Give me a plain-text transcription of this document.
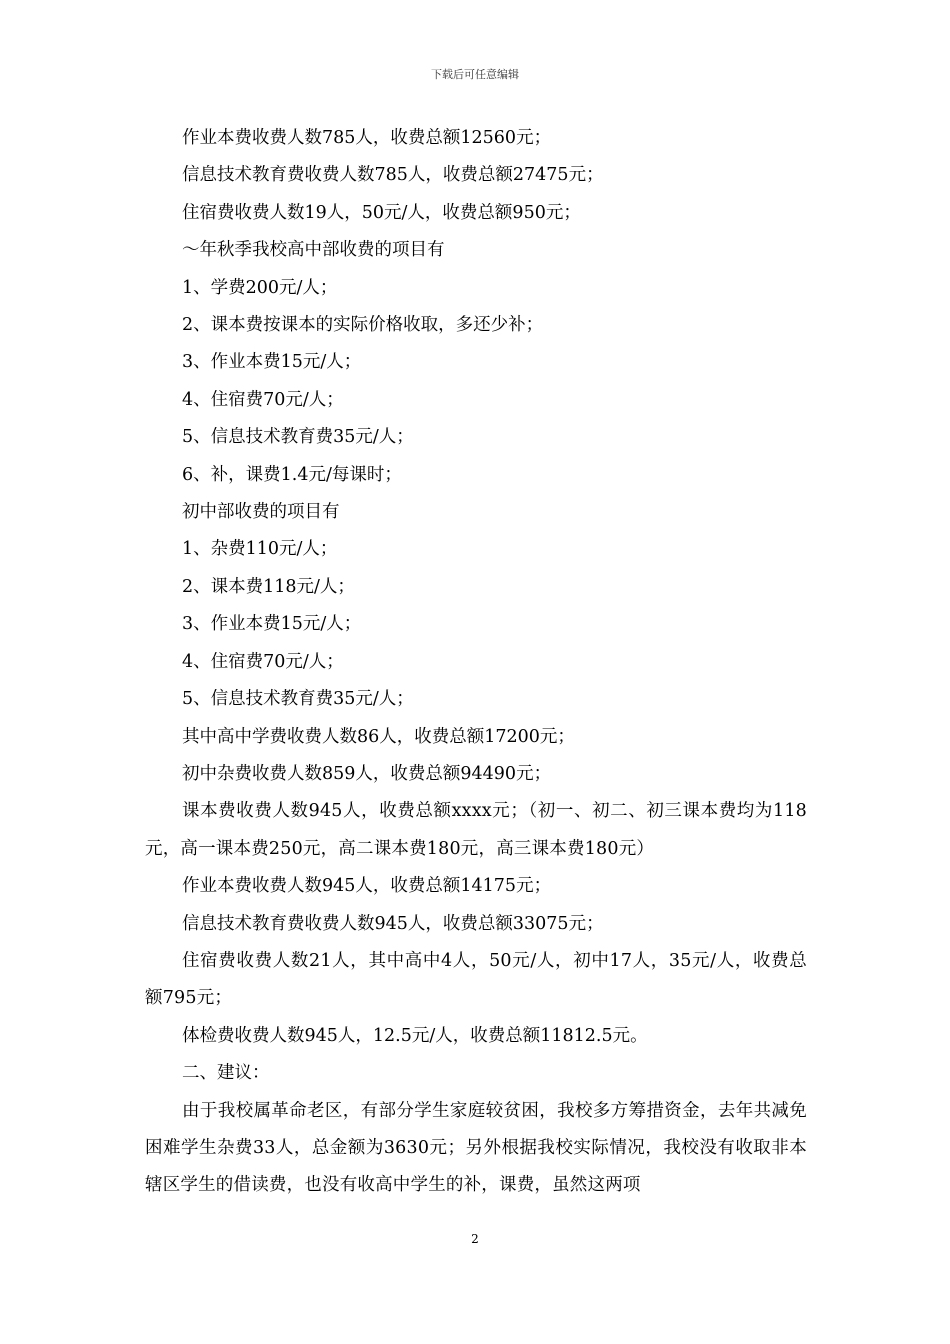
下载后可任意编辑

作业本费收费人数785人，收费总额12560元；

信息技术教育费收费人数785人，收费总额27475元；

住宿费收费人数19人，50元/人，收费总额950元；

～年秋季我校高中部收费的项目有

1、学费200元/人；

2、课本费按课本的实际价格收取，多还少补；

3、作业本费15元/人；

4、住宿费70元/人；

5、信息技术教育费35元/人；

6、补，课费1.4元/每课时；

初中部收费的项目有

1、杂费110元/人；

2、课本费118元/人；

3、作业本费15元/人；

4、住宿费70元/人；

5、信息技术教育费35元/人；

其中高中学费收费人数86人，收费总额17200元；

初中杂费收费人数859人，收费总额94490元；

课本费收费人数945人，收费总额xxxx元；（初一、初二、初三课本费均为118元，高一课本费250元，高二课本费180元，高三课本费180元）

作业本费收费人数945人，收费总额14175元；

信息技术教育费收费人数945人，收费总额33075元；

住宿费收费人数21人，其中高中4人，50元/人，初中17人，35元/人，收费总额795元；

体检费收费人数945人，12.5元/人，收费总额11812.5元。

二、建议：

由于我校属革命老区，有部分学生家庭较贫困，我校多方筹措资金，去年共减免困难学生杂费33人，总金额为3630元；另外根据我校实际情况，我校没有收取非本辖区学生的借读费，也没有收高中学生的补，课费，虽然这两项

2
